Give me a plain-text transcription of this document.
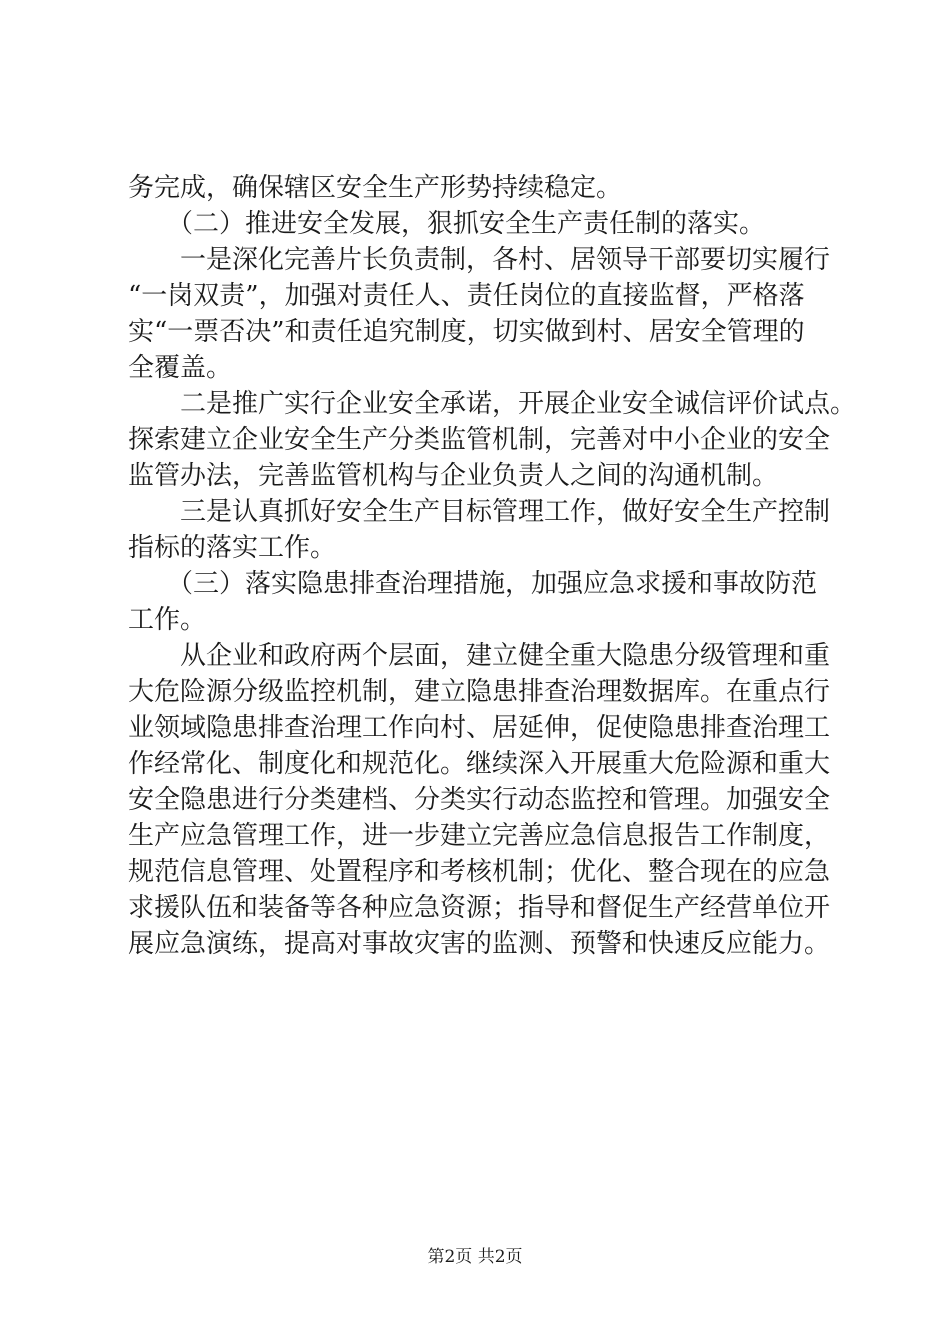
务完成，确保辖区安全生产形势持续稳定。
　　（二）推进安全发展，狠抓安全生产责任制的落实。
　　一是深化完善片长负责制，各村、居领导干部要切实履行
“一岗双责”，加强对责任人、责任岗位的直接监督，严格落
实“一票否决”和责任追究制度，切实做到村、居安全管理的
全覆盖。
　　二是推广实行企业安全承诺，开展企业安全诚信评价试点。
探索建立企业安全生产分类监管机制，完善对中小企业的安全
监管办法，完善监管机构与企业负责人之间的沟通机制。
　　三是认真抓好安全生产目标管理工作，做好安全生产控制
指标的落实工作。
　　（三）落实隐患排查治理措施，加强应急求援和事故防范
工作。
　　从企业和政府两个层面，建立健全重大隐患分级管理和重
大危险源分级监控机制，建立隐患排查治理数据库。在重点行
业领域隐患排查治理工作向村、居延伸，促使隐患排查治理工
作经常化、制度化和规范化。继续深入开展重大危险源和重大
安全隐患进行分类建档、分类实行动态监控和管理。加强安全
生产应急管理工作，进一步建立完善应急信息报告工作制度，
规范信息管理、处置程序和考核机制；优化、整合现在的应急
求援队伍和装备等各种应急资源；指导和督促生产经营单位开
展应急演练，提高对事故灾害的监测、预警和快速反应能力。
第2页 共2页
